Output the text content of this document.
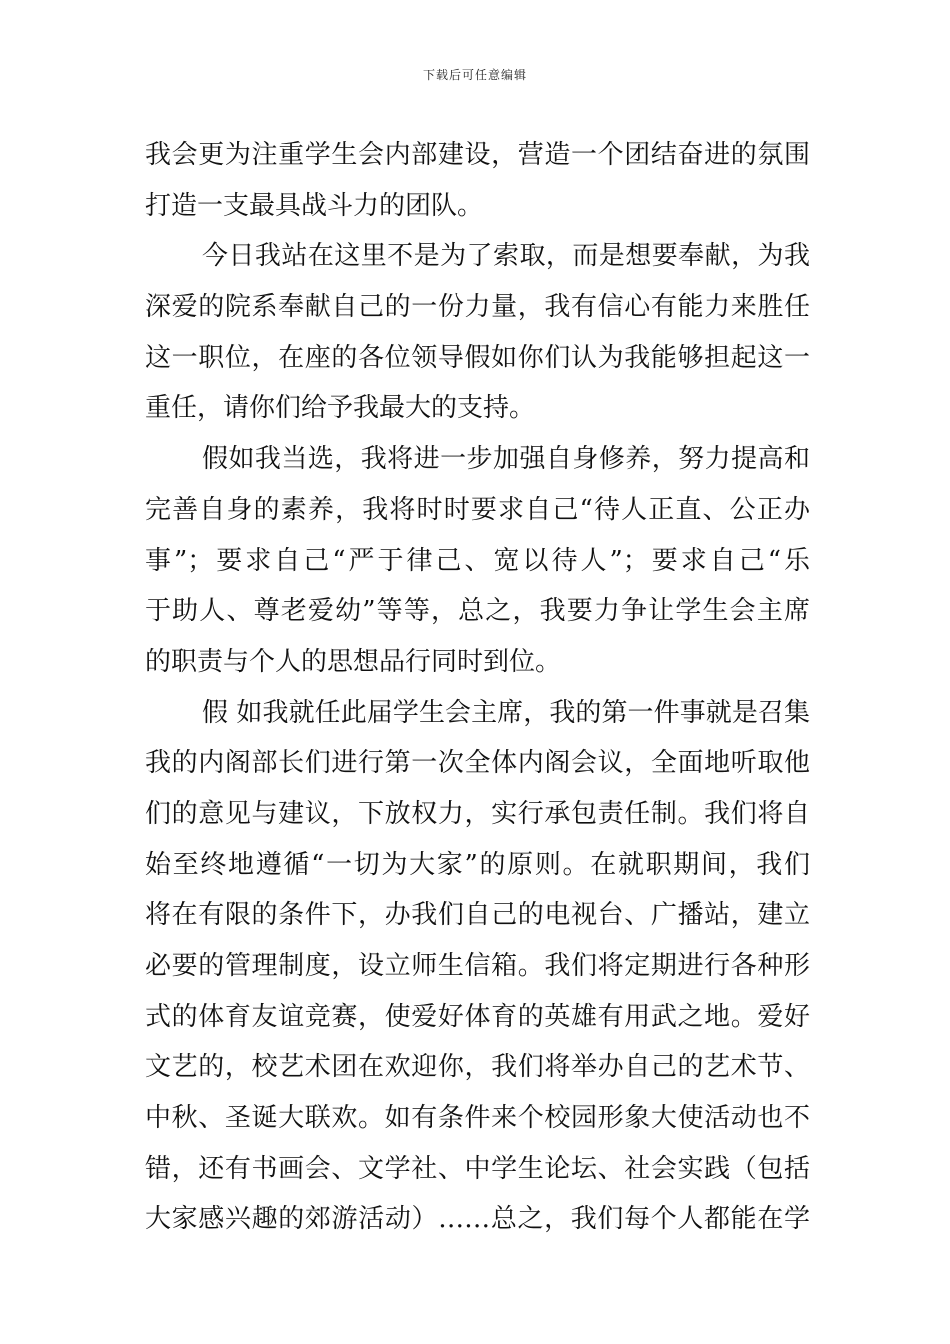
下载后可任意编辑
我会更为注重学生会内部建设，营造一个团结奋进的氛围
打造一支最具战斗力的团队。
今日我站在这里不是为了索取，而是想要奉献，为我
深爱的院系奉献自己的一份力量，我有信心有能力来胜任
这一职位，在座的各位领导假如你们认为我能够担起这一
重任，请你们给予我最大的支持。
假如我当选，我将进一步加强自身修养，努力提高和
完善自身的素养，我将时时要求自己“待人正直、公正办
事”；要求自己“严于律己、宽以待人”；要求自己“乐
于助人、尊老爱幼”等等，总之，我要力争让学生会主席
的职责与个人的思想品行同时到位。
假 如我就任此届学生会主席，我的第一件事就是召集
我的内阁部长们进行第一次全体内阁会议，全面地听取他
们的意见与建议，下放权力，实行承包责任制。我们将自
始至终地遵循“一切为大家”的原则。在就职期间，我们
将在有限的条件下，办我们自己的电视台、广播站，建立
必要的管理制度，设立师生信箱。我们将定期进行各种形
式的体育友谊竞赛，使爱好体育的英雄有用武之地。爱好
文艺的，校艺术团在欢迎你，我们将举办自己的艺术节、
中秋、圣诞大联欢。如有条件来个校园形象大使活动也不
错，还有书画会、文学社、中学生论坛、社会实践（包括
大家感兴趣的郊游活动）……总之，我们每个人都能在学
